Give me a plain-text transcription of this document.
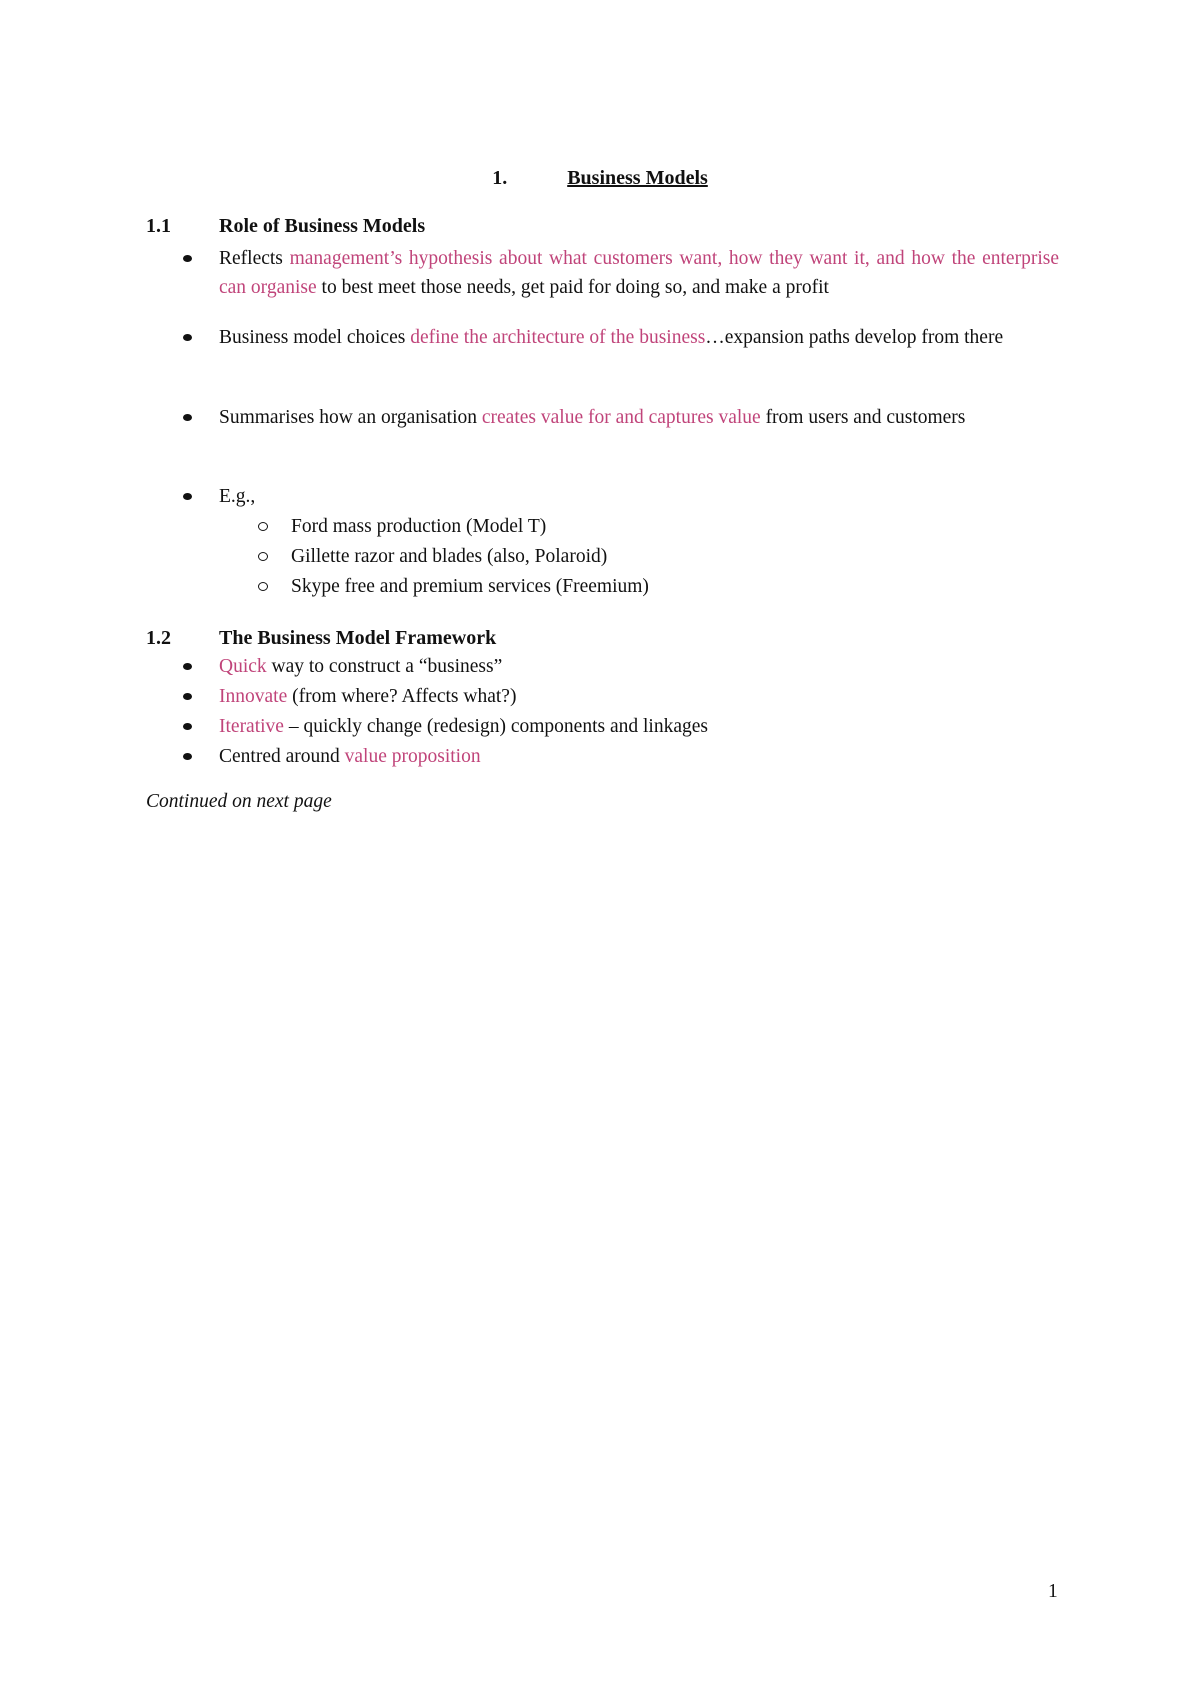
1.	Business Models
1.1 Role of Business Models
Reflects management’s hypothesis about what customers want, how they want it, and how the enterprise can organise to best meet those needs, get paid for doing so, and make a profit
Business model choices define the architecture of the business…expansion paths develop from there
Summarises how an organisation creates value for and captures value from users and customers
E.g.,
Ford mass production (Model T)
Gillette razor and blades (also, Polaroid)
Skype free and premium services (Freemium)
1.2 The Business Model Framework
Quick way to construct a “business”
Innovate (from where? Affects what?)
Iterative – quickly change (redesign) components and linkages
Centred around value proposition
Continued on next page
1
